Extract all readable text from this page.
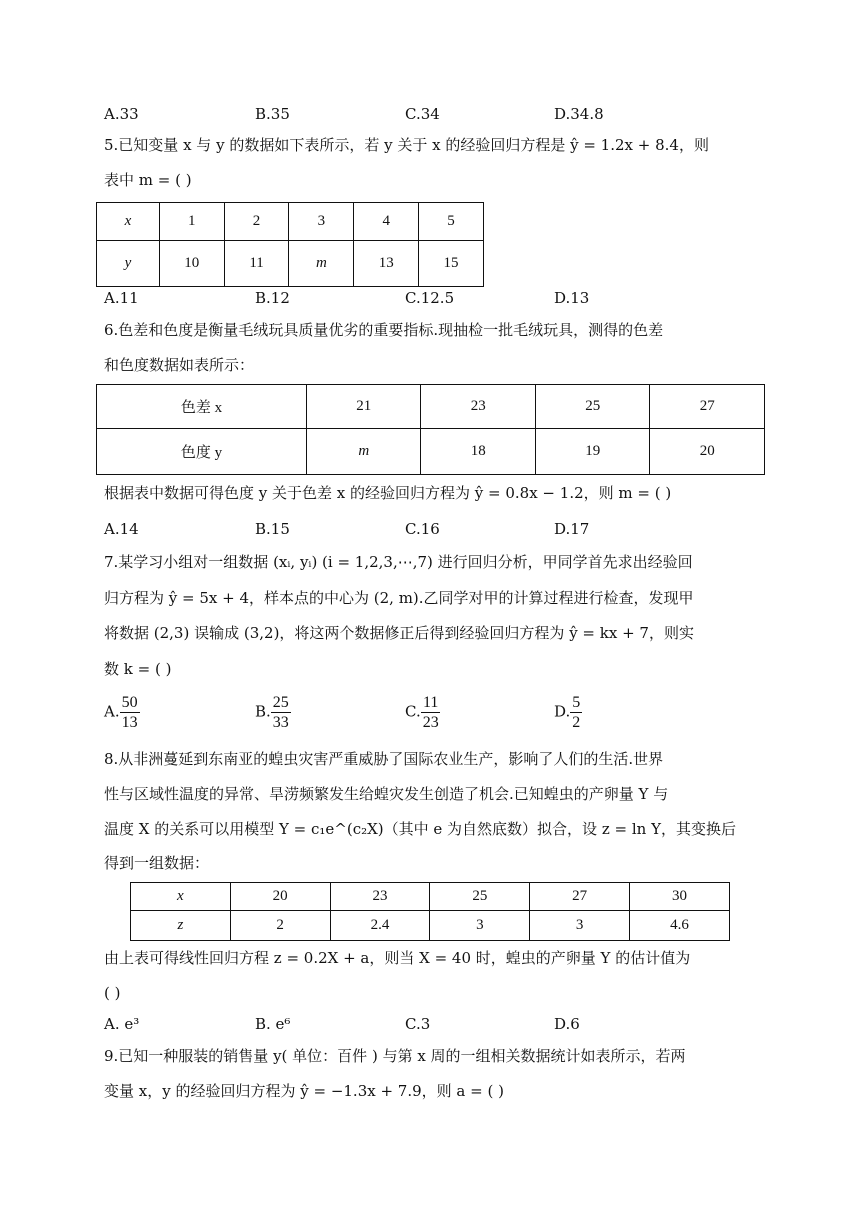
A.33	B.35	C.34	D.34.8
5.已知变量 x 与 y 的数据如下表所示，若 y 关于 x 的经验回归方程是 ŷ = 1.2x + 8.4，则
表中 m = ( )
x	1	2	3	4	5
y	10	11	m	13	15
A.11	B.12	C.12.5	D.13
6.色差和色度是衡量毛绒玩具质量优劣的重要指标.现抽检一批毛绒玩具，测得的色差
和色度数据如表所示：
色差 x	21	23	25	27
色度 y	m	18	19	20
根据表中数据可得色度 y 关于色差 x 的经验回归方程为 ŷ = 0.8x − 1.2，则 m = ( )
A.14	B.15	C.16	D.17
7.某学习小组对一组数据 (xᵢ, yᵢ) (i = 1,2,3,⋯,7) 进行回归分析，甲同学首先求出经验回
归方程为 ŷ = 5x + 4，样本点的中心为 (2, m).乙同学对甲的计算过程进行检查，发现甲
将数据 (2,3) 误输成 (3,2)，将这两个数据修正后得到经验回归方程为 ŷ = kx + 7，则实
数 k = ( )
A. $\frac{50}{13}$	B. $\frac{25}{33}$	C. $\frac{11}{23}$	D. $\frac{5}{2}$
8.从非洲蔓延到东南亚的蝗虫灾害严重威胁了国际农业生产，影响了人们的生活.世界
性与区域性温度的异常、旱涝频繁发生给蝗灾发生创造了机会.已知蝗虫的产卵量 Y 与
温度 X 的关系可以用模型 Y = c₁e^(c₂X)（其中 e 为自然底数）拟合，设 z = ln Y，其变换后
得到一组数据：
x	20	23	25	27	30
z	2	2.4	3	3	4.6
由上表可得线性回归方程 z = 0.2X + a，则当 X = 40 时，蝗虫的产卵量 Y 的估计值为
( )
A. e³	B. e⁶	C.3	D.6
9.已知一种服装的销售量 y( 单位：百件 ) 与第 x 周的一组相关数据统计如表所示，若两
变量 x，y 的经验回归方程为 ŷ = −1.3x + 7.9，则 a = ( )
